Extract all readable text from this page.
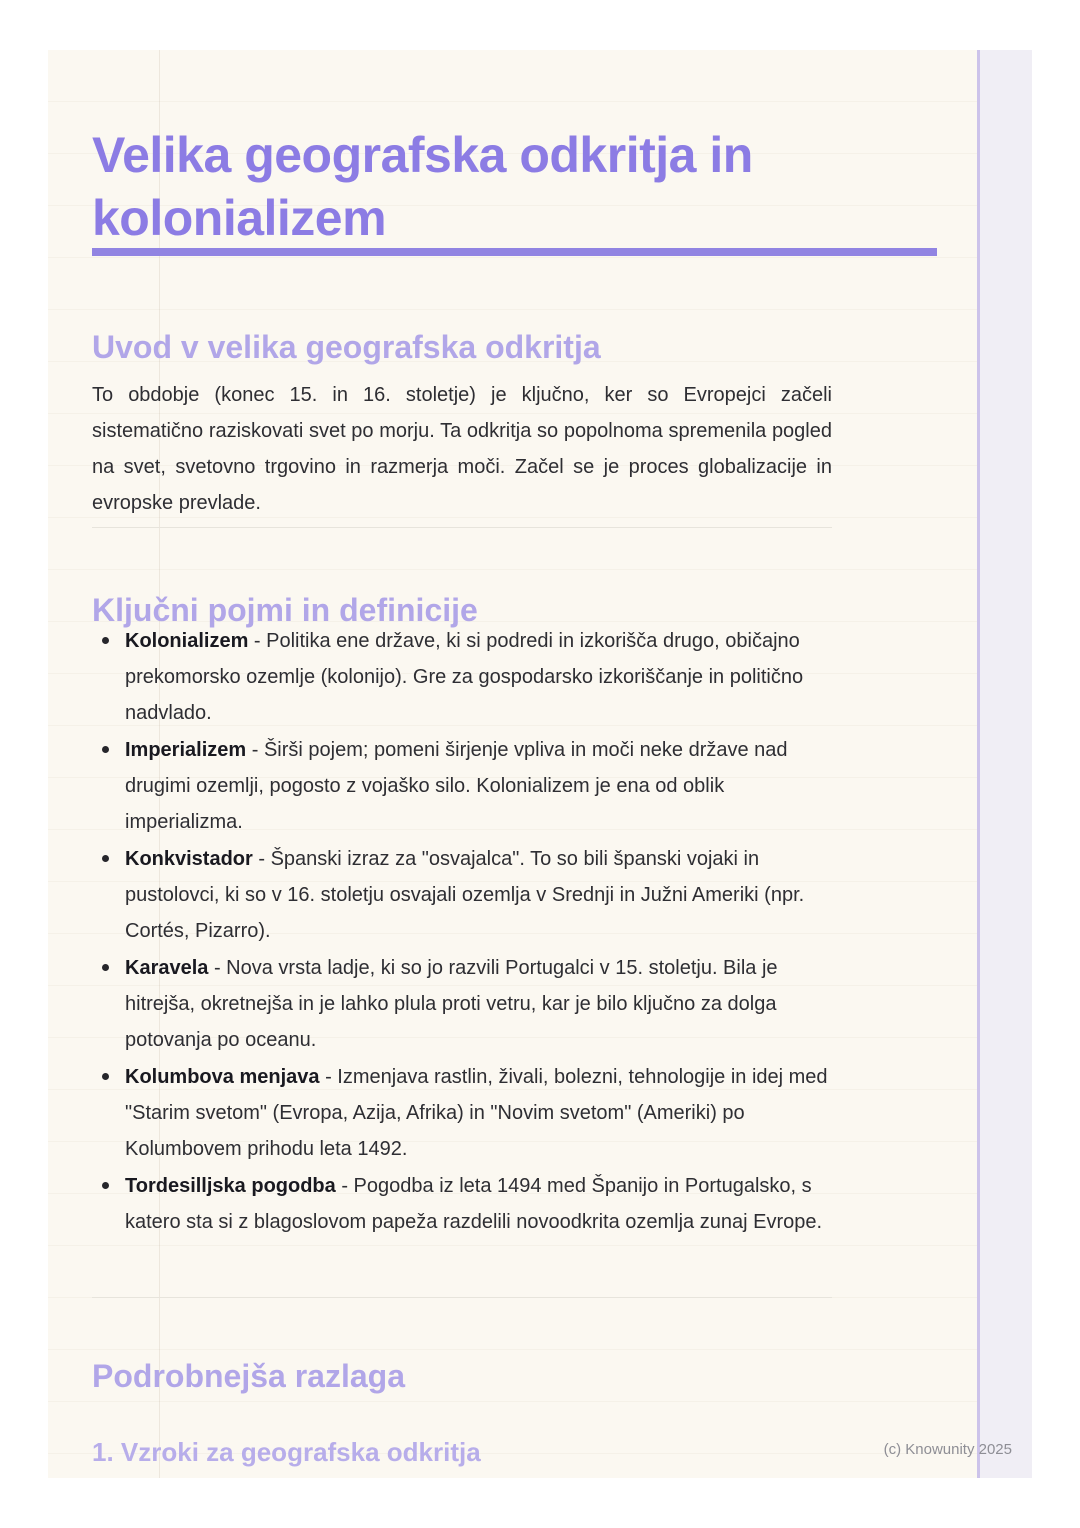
Velika geografska odkritja in kolonializem
Uvod v velika geografska odkritja

To obdobje (konec 15. in 16. stoletje) je ključno, ker so Evropejci začeli sistematično raziskovati svet po morju. Ta odkritja so popolnoma spremenila pogled na svet, svetovno trgovino in razmerja moči. Začel se je proces globalizacije in evropske prevlade.

Ključni pojmi in definicije
Kolonializem - Politika ene države, ki si podredi in izkorišča drugo, običajno prekomorsko ozemlje (kolonijo). Gre za gospodarsko izkoriščanje in politično nadvlado.
Imperializem - Širši pojem; pomeni širjenje vpliva in moči neke države nad drugimi ozemlji, pogosto z vojaško silo. Kolonializem je ena od oblik imperializma.
Konkvistador - Španski izraz za "osvajalca". To so bili španski vojaki in pustolovci, ki so v 16. stoletju osvajali ozemlja v Srednji in Južni Ameriki (npr. Cortés, Pizarro).
Karavela - Nova vrsta ladje, ki so jo razvili Portugalci v 15. stoletju. Bila je hitrejša, okretnejša in je lahko plula proti vetru, kar je bilo ključno za dolga potovanja po oceanu.
Kolumbova menjava - Izmenjava rastlin, živali, bolezni, tehnologije in idej med "Starim svetom" (Evropa, Azija, Afrika) in "Novim svetom" (Ameriki) po Kolumbovem prihodu leta 1492.
Tordesilljska pogodba - Pogodba iz leta 1494 med Španijo in Portugalsko, s katero sta si z blagoslovom papeža razdelili novoodkrita ozemlja zunaj Evrope.
Podrobnejša razlaga
1. Vzroki za geografska odkritja	(c) Knowunity 2025
